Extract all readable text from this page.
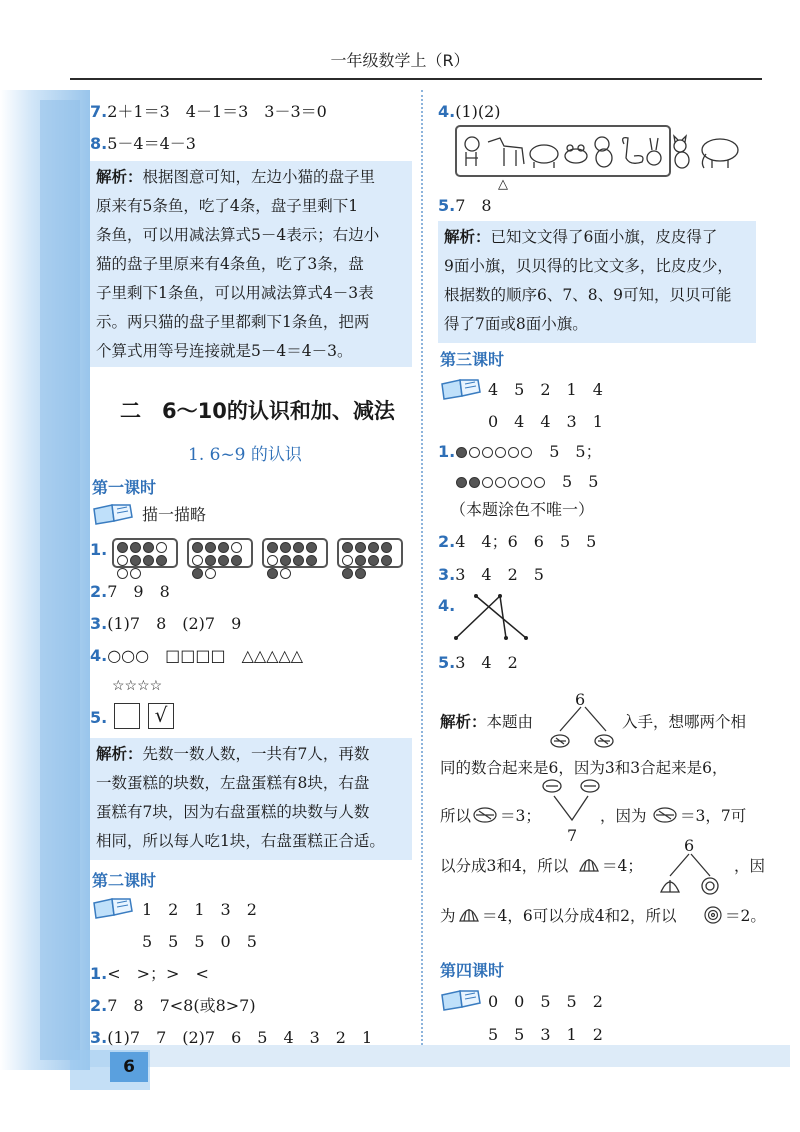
一年级数学上（R）
7.2＋1＝3　4－1＝3　3－3＝0
8.5－4＝4－3
解析：根据图意可知，左边小猫的盘子里
原来有5条鱼，吃了4条，盘子里剩下1
条鱼，可以用减法算式5－4表示；右边小
猫的盘子里原来有4条鱼，吃了3条，盘
子里剩下1条鱼，可以用减法算式4－3表
示。两只猫的盘子里都剩下1条鱼，把两
个算式用等号连接就是5－4＝4－3。
二　6～10的认识和加、减法
1. 6~9 的认识
第一课时
描一描略
1.
2.7　9　8
3.(1)7　8　(2)7　9
4.○○○　□□□□　△△△△△
☆☆☆☆
5.	√
解析：先数一数人数，一共有7人，再数
一数蛋糕的块数，左盘蛋糕有8块，右盘
蛋糕有7块，因为右盘蛋糕的块数与人数
相同，所以每人吃1块，右盘蛋糕正合适。
第二课时
1　2　1　3　2
5　5　5　0　5
1.<　>；>　<
2.7　8　7<8(或8>7)
3.(1)7　7　(2)7　6　5　4　3　2　1
4.(1)(2)
△
5.7　8
解析：已知文文得了6面小旗，皮皮得了
9面小旗，贝贝得的比文文多，比皮皮少，
根据数的顺序6、7、8、9可知，贝贝可能
得了7面或8面小旗。
第三课时
4　5　2　1　4
0　4　4　3　1
1.　	5　5；
　5　5
（本题涂色不唯一）
2.4　4；6　6　5　5
3.3　4　2　5
4.
5.3　4　2
解析：本题由
6
入手，想哪两个相
同的数合起来是6，因为3和3合起来是6，
所以 ＝3；
7
，因为 ＝3，7可
以分成3和4，所以 ＝4；
6
，因
为 ＝4，6可以分成4和2，所以	＝2。
第四课时
0　0　5　5　2
5　5　3　1　2
6
